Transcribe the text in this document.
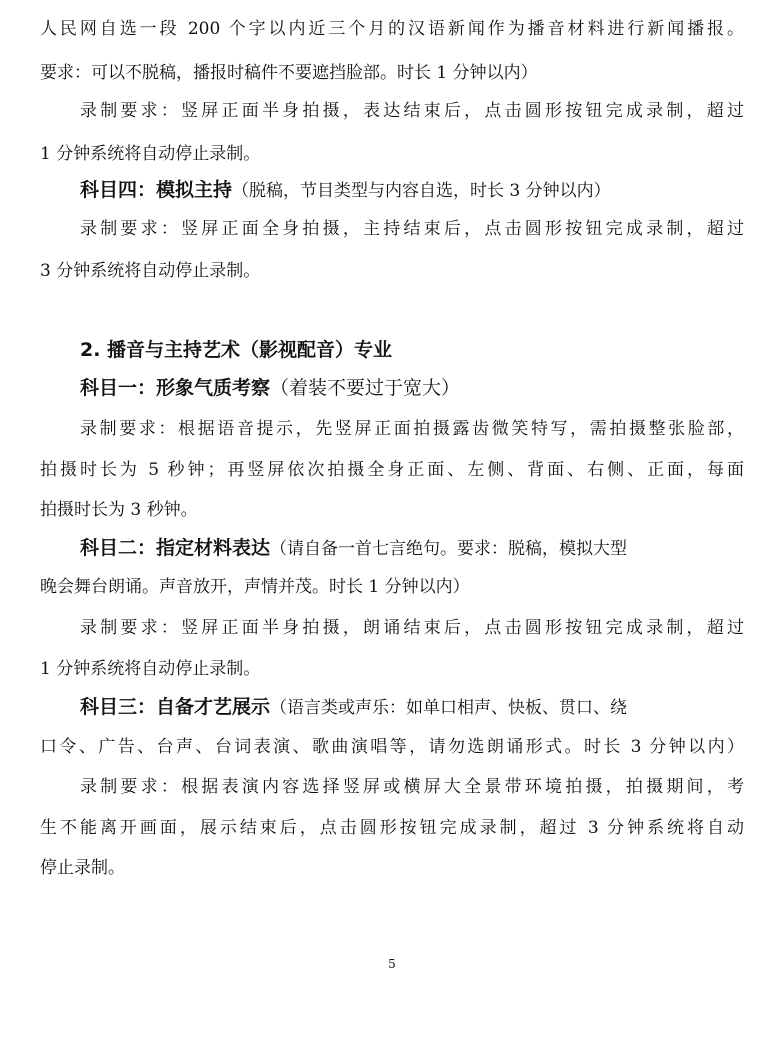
人民网自选一段 200 个字以内近三个月的汉语新闻作为播音材料进行新闻播报。
要求：可以不脱稿，播报时稿件不要遮挡脸部。时长 1 分钟以内）
录制要求：竖屏正面半身拍摄，表达结束后，点击圆形按钮完成录制，超过
1 分钟系统将自动停止录制。
科目四：模拟主持（脱稿，节目类型与内容自选，时长 3 分钟以内）
录制要求：竖屏正面全身拍摄，主持结束后，点击圆形按钮完成录制，超过
3 分钟系统将自动停止录制。
2. 播音与主持艺术（影视配音）专业
科目一：形象气质考察（着装不要过于宽大）
录制要求：根据语音提示，先竖屏正面拍摄露齿微笑特写，需拍摄整张脸部，
拍摄时长为 5 秒钟；再竖屏依次拍摄全身正面、左侧、背面、右侧、正面，每面
拍摄时长为 3 秒钟。
科目二：指定材料表达（请自备一首七言绝句。要求：脱稿，模拟大型
晚会舞台朗诵。声音放开，声情并茂。时长 1 分钟以内）
录制要求：竖屏正面半身拍摄，朗诵结束后，点击圆形按钮完成录制，超过
1 分钟系统将自动停止录制。
科目三：自备才艺展示（语言类或声乐：如单口相声、快板、贯口、绕
口令、广告、台声、台词表演、歌曲演唱等，请勿选朗诵形式。时长 3 分钟以内）
录制要求：根据表演内容选择竖屏或横屏大全景带环境拍摄，拍摄期间，考
生不能离开画面，展示结束后，点击圆形按钮完成录制，超过 3 分钟系统将自动
停止录制。
5
